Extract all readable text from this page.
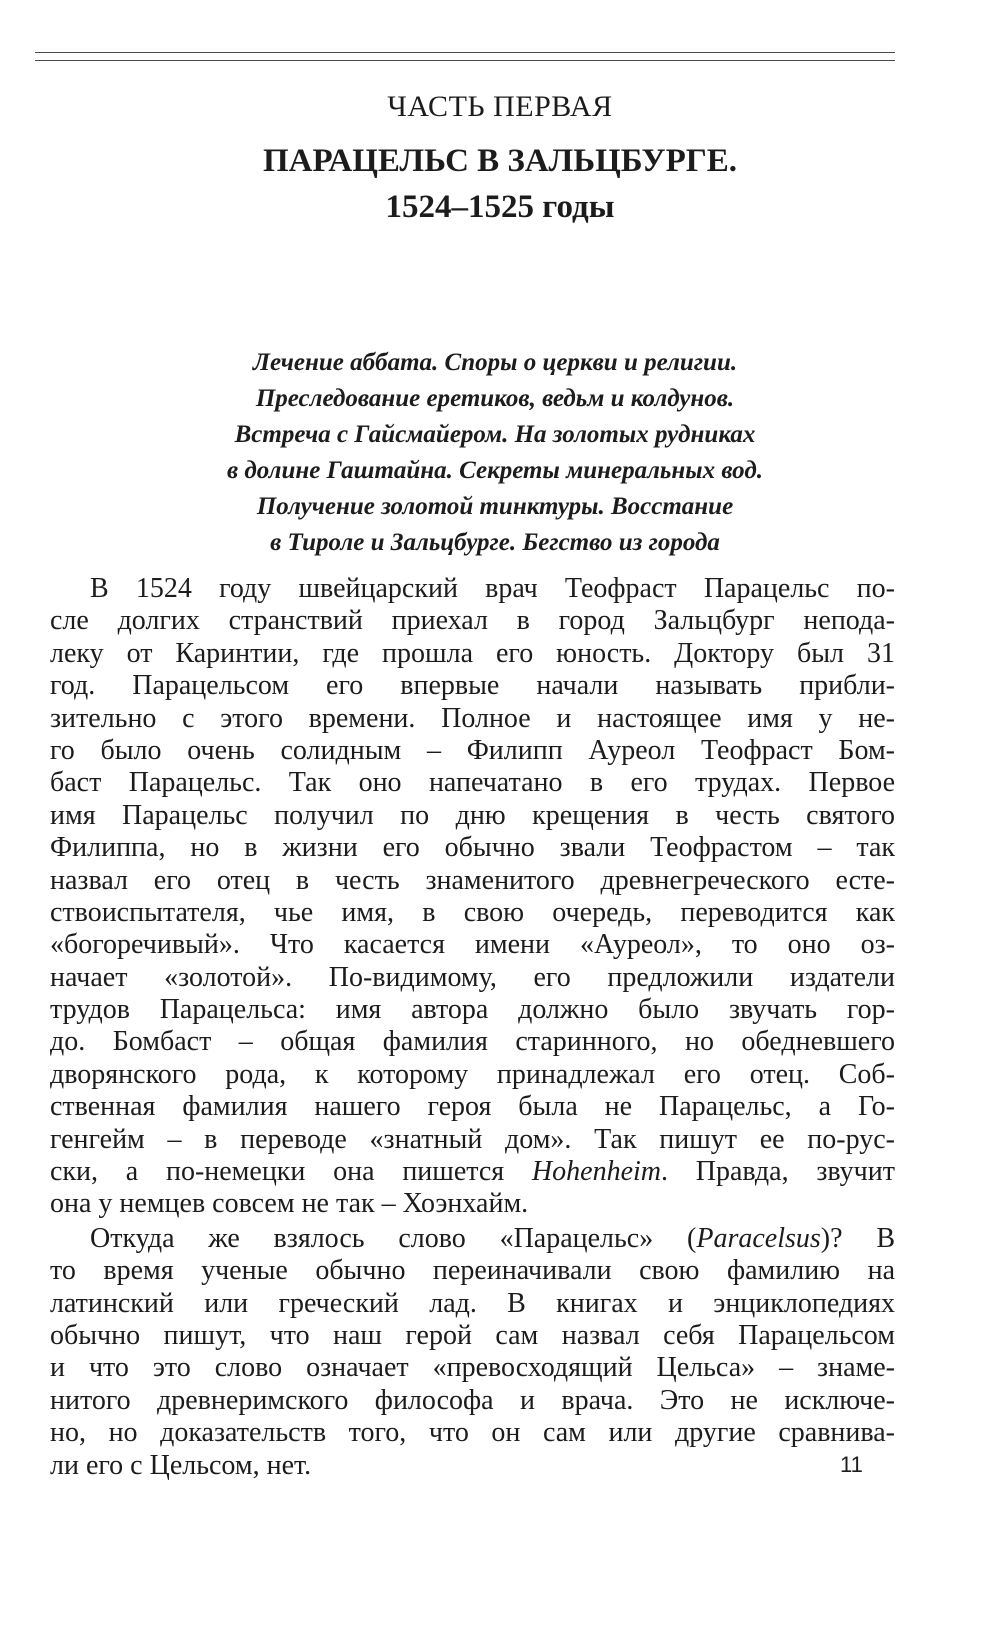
ЧАСТЬ ПЕРВАЯ
ПАРАЦЕЛЬС В ЗАЛЬЦБУРГЕ.
1524–1525 годы
Лечение аббата. Споры о церкви и религии.
Преследование еретиков, ведьм и колдунов.
Встреча с Гайсмайером. На золотых рудниках
в долине Гаштайна. Секреты минеральных вод.
Получение золотой тинктуры. Восстание
в Тироле и Зальцбурге. Бегство из города
В 1524 году швейцарский врач Теофраст Парацельс по-
сле долгих странствий приехал в город Зальцбург непода-
леку от Каринтии, где прошла его юность. Доктору был 31
год. Парацельсом его впервые начали называть прибли-
зительно с этого времени. Полное и настоящее имя у не-
го было очень солидным – Филипп Ауреол Теофраст Бом-
баст Парацельс. Так оно напечатано в его трудах. Первое
имя Парацельс получил по дню крещения в честь святого
Филиппа, но в жизни его обычно звали Теофрастом – так
назвал его отец в честь знаменитого древнегреческого есте-
ствоиспытателя, чье имя, в свою очередь, переводится как
«богоречивый». Что касается имени «Ауреол», то оно оз-
начает «золотой». По-видимому, его предложили издатели
трудов Парацельса: имя автора должно было звучать гор-
до. Бомбаст – общая фамилия старинного, но обедневшего
дворянского рода, к которому принадлежал его отец. Соб-
ственная фамилия нашего героя была не Парацельс, а Го-
генгейм – в переводе «знатный дом». Так пишут ее по-рус-
ски, а по-немецки она пишется Hohenheim. Правда, звучит
она у немцев совсем не так – Хоэнхайм.
Откуда же взялось слово «Парацельс» (Paracelsus)? В
то время ученые обычно переиначивали свою фамилию на
латинский или греческий лад. В книгах и энциклопедиях
обычно пишут, что наш герой сам назвал себя Парацельсом
и что это слово означает «превосходящий Цельса» – знаме-
нитого древнеримского философа и врача. Это не исключе-
но, но доказательств того, что он сам или другие сравнива-
ли его с Цельсом, нет.	11
